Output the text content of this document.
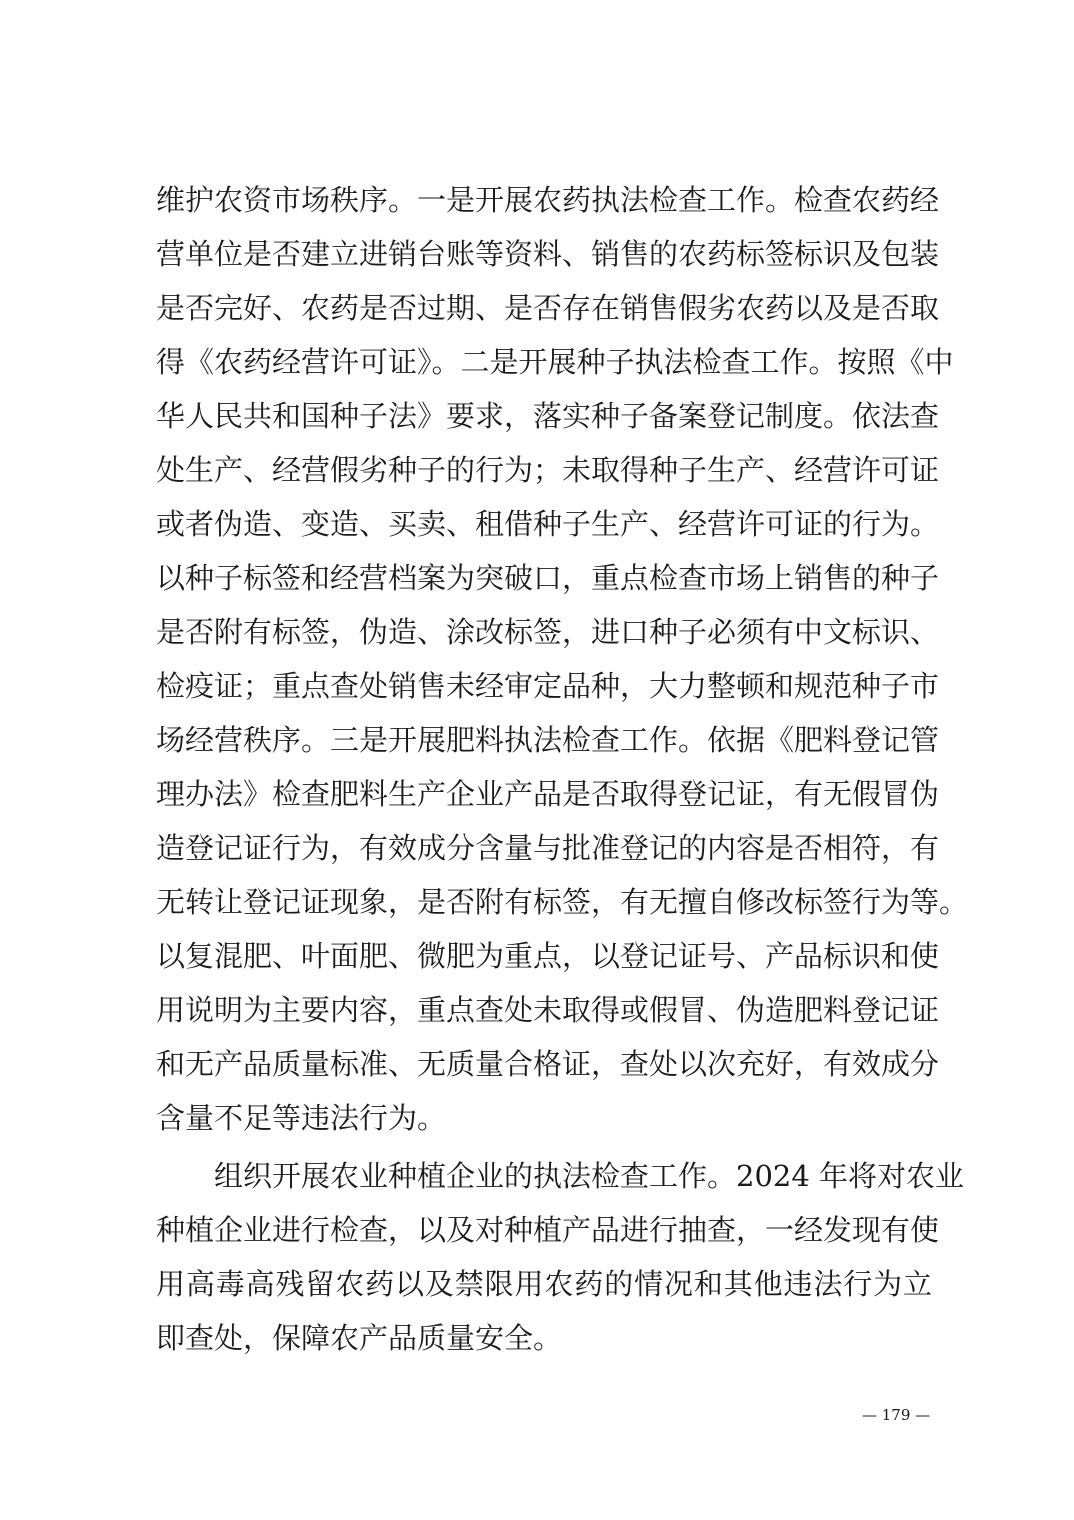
维护农资市场秩序。一是开展农药执法检查工作。检查农药经
营单位是否建立进销台账等资料、销售的农药标签标识及包装
是否完好、农药是否过期、是否存在销售假劣农药以及是否取
得《农药经营许可证》。二是开展种子执法检查工作。按照《中
华人民共和国种子法》要求，落实种子备案登记制度。依法查
处生产、经营假劣种子的行为；未取得种子生产、经营许可证
或者伪造、变造、买卖、租借种子生产、经营许可证的行为。
以种子标签和经营档案为突破口，重点检查市场上销售的种子
是否附有标签，伪造、涂改标签，进口种子必须有中文标识、
检疫证；重点查处销售未经审定品种，大力整顿和规范种子市
场经营秩序。三是开展肥料执法检查工作。依据《肥料登记管
理办法》检查肥料生产企业产品是否取得登记证，有无假冒伪
造登记证行为，有效成分含量与批准登记的内容是否相符，有
无转让登记证现象，是否附有标签，有无擅自修改标签行为等。
以复混肥、叶面肥、微肥为重点，以登记证号、产品标识和使
用说明为主要内容，重点查处未取得或假冒、伪造肥料登记证
和无产品质量标准、无质量合格证，查处以次充好，有效成分
含量不足等违法行为。
组织开展农业种植企业的执法检查工作。2024 年将对农业
种植企业进行检查，以及对种植产品进行抽查，一经发现有使
用高毒高残留农药以及禁限用农药的情况和其他违法行为立
即查处，保障农产品质量安全。
— 179 —
